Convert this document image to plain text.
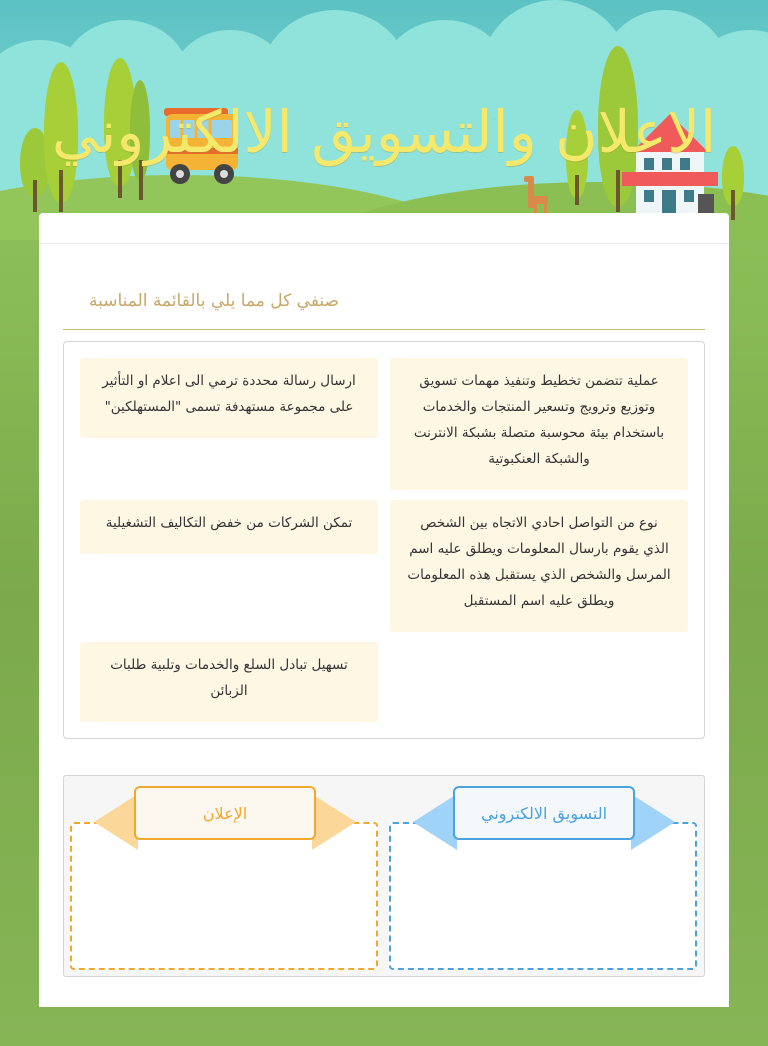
الاعلان والتسويق الالكتروني
صنفي كل مما يلي بالقائمة المناسبة
عملية تتضمن تخطيط وتنفيذ مهمات تسويق وتوزيع وترويج وتسعير المنتجات والخدمات باستخدام بيئة محوسبة متصلة بشبكة الانترنت والشبكة العنكبوتية
ارسال رسالة محددة ترمي الى اعلام او التأثير على مجموعة مستهدفة تسمى "المستهلكين"
نوع من التواصل احادي الاتجاه بين الشخص الذي يقوم بارسال المعلومات ويطلق عليه اسم المرسل والشخص الذي يستقبل هذه المعلومات ويطلق عليه اسم المستقبل
تمكن الشركات من خفض التكاليف التشغيلية
تسهيل تبادل السلع والخدمات وتلبية طلبات الزبائن
التسويق الالكتروني
الإعلان
